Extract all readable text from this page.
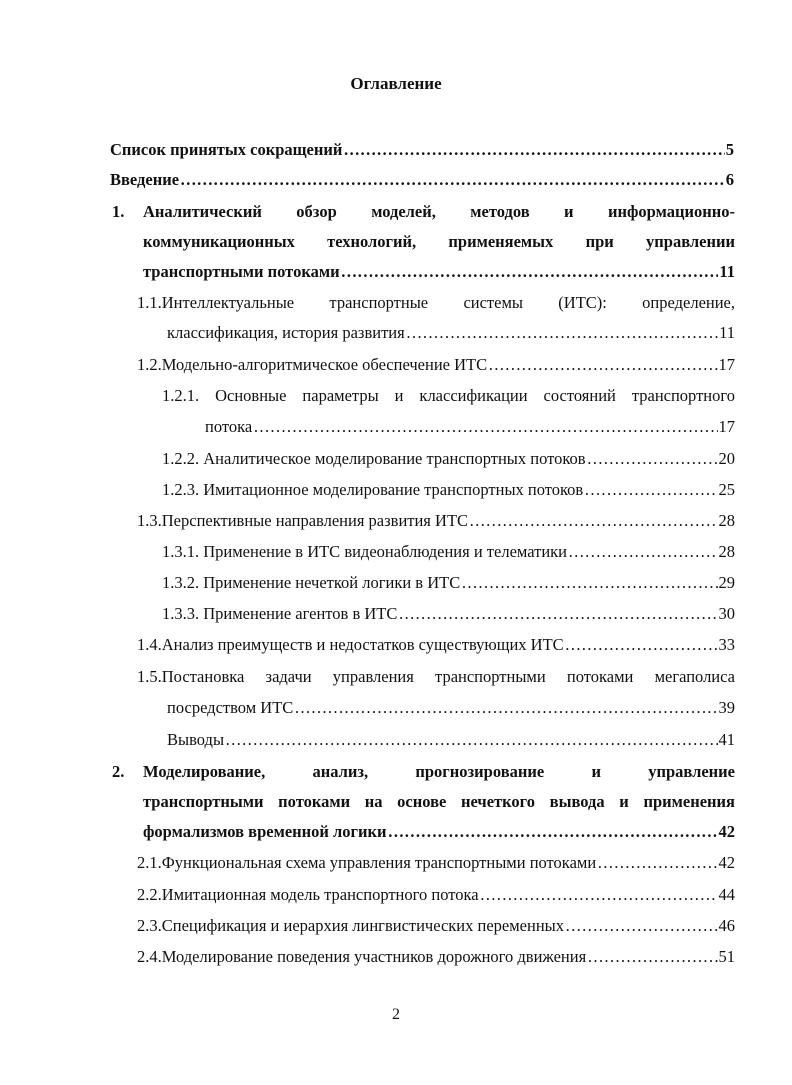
Оглавление
Список принятых сокращений …………………………………………………………………………………………………………………………………………………………………………………………………………	5
Введение …………………………………………………………………………………………………………………………………………………………………………………………………………	6
1. Аналитический обзор моделей, методов и информационно-
коммуникационных технологий, применяемых при управлении
транспортными потоками …………………………………………………………………………………………………………………………………………………………………………………………………………	11
1.1.Интеллектуальные транспортные системы (ИТС): определение,
классификация, история развития …………………………………………………………………………………………………………………………………………………………………………………………………………	11
1.2.Модельно-алгоритмическое обеспечение ИТС …………………………………………………………………………………………………………………………………………………………………………………………………………	17
1.2.1. Основные параметры и классификации состояний транспортного
потока …………………………………………………………………………………………………………………………………………………………………………………………………………	17
1.2.2. Аналитическое моделирование транспортных потоков …………………………………………………………………………………………………………………………………………………………………………………………………………	20
1.2.3. Имитационное моделирование транспортных потоков …………………………………………………………………………………………………………………………………………………………………………………………………………	25
1.3.Перспективные направления развития ИТС …………………………………………………………………………………………………………………………………………………………………………………………………………	28
1.3.1. Применение в ИТС видеонаблюдения и телематики …………………………………………………………………………………………………………………………………………………………………………………………………………	28
1.3.2. Применение нечеткой логики в ИТС …………………………………………………………………………………………………………………………………………………………………………………………………………	29
1.3.3. Применение агентов в ИТС …………………………………………………………………………………………………………………………………………………………………………………………………………	30
1.4.Анализ преимуществ и недостатков существующих ИТС …………………………………………………………………………………………………………………………………………………………………………………………………………	33
1.5.Постановка задачи управления транспортными потоками мегаполиса
посредством ИТС …………………………………………………………………………………………………………………………………………………………………………………………………………	39
Выводы …………………………………………………………………………………………………………………………………………………………………………………………………………	41
2. Моделирование, анализ, прогнозирование и управление
транспортными потоками на основе нечеткого вывода и применения
формализмов временной логики …………………………………………………………………………………………………………………………………………………………………………………………………………	42
2.1.Функциональная схема управления транспортными потоками …………………………………………………………………………………………………………………………………………………………………………………………………………	42
2.2.Имитационная модель транспортного потока …………………………………………………………………………………………………………………………………………………………………………………………………………	44
2.3.Спецификация и иерархия лингвистических переменных …………………………………………………………………………………………………………………………………………………………………………………………………………	46
2.4.Моделирование поведения участников дорожного движения …………………………………………………………………………………………………………………………………………………………………………………………………………	51
2
